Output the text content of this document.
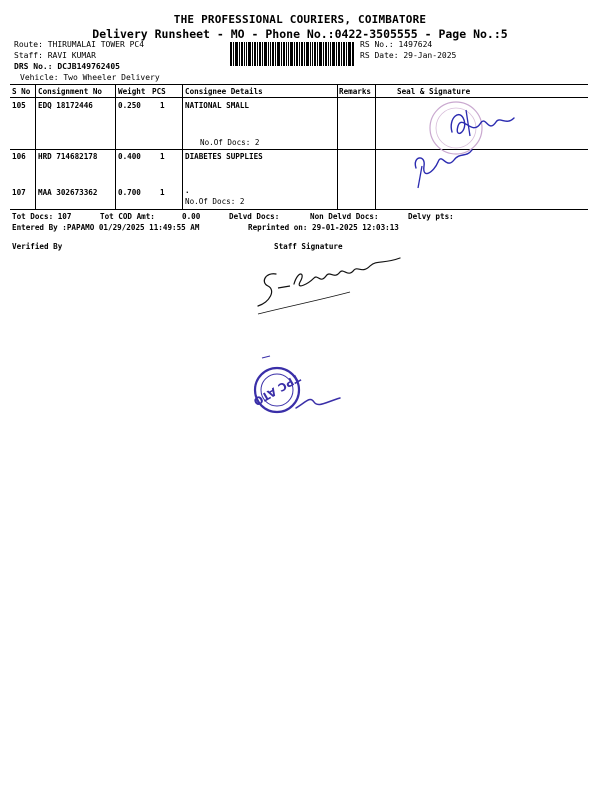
THE PROFESSIONAL COURIERS, COIMBATORE
Delivery Runsheet - MO - Phone No.:0422-3505555 - Page No.:5
Route: THIRUMALAI TOWER PC4
Staff: RAVI KUMAR
DRS No.: DCJB149762405
Vehicle: Two Wheeler Delivery
RS No.: 1497624
RS Date: 29-Jan-2025
S No Consignment No Weight PCS	Consignee Details	Remarks	Seal & Signature
105 EDQ 18172446	0.250	1	NATIONAL SMALL
No.Of Docs: 2
106 HRD 714682178	0.400	1	DIABETES SUPPLIES
107 MAA 302673362	0.700	1	.
No.Of Docs: 2
Tot Docs: 107	Tot COD Amt:	0.00	Delvd Docs:	Non Delvd Docs:	Delvy pts:
Entered By :PAPAMO 01/29/2025 11:49:55 AM	Reprinted on: 29-01-2025 12:03:13
Verified By	Staff Signature
TPC ATO
